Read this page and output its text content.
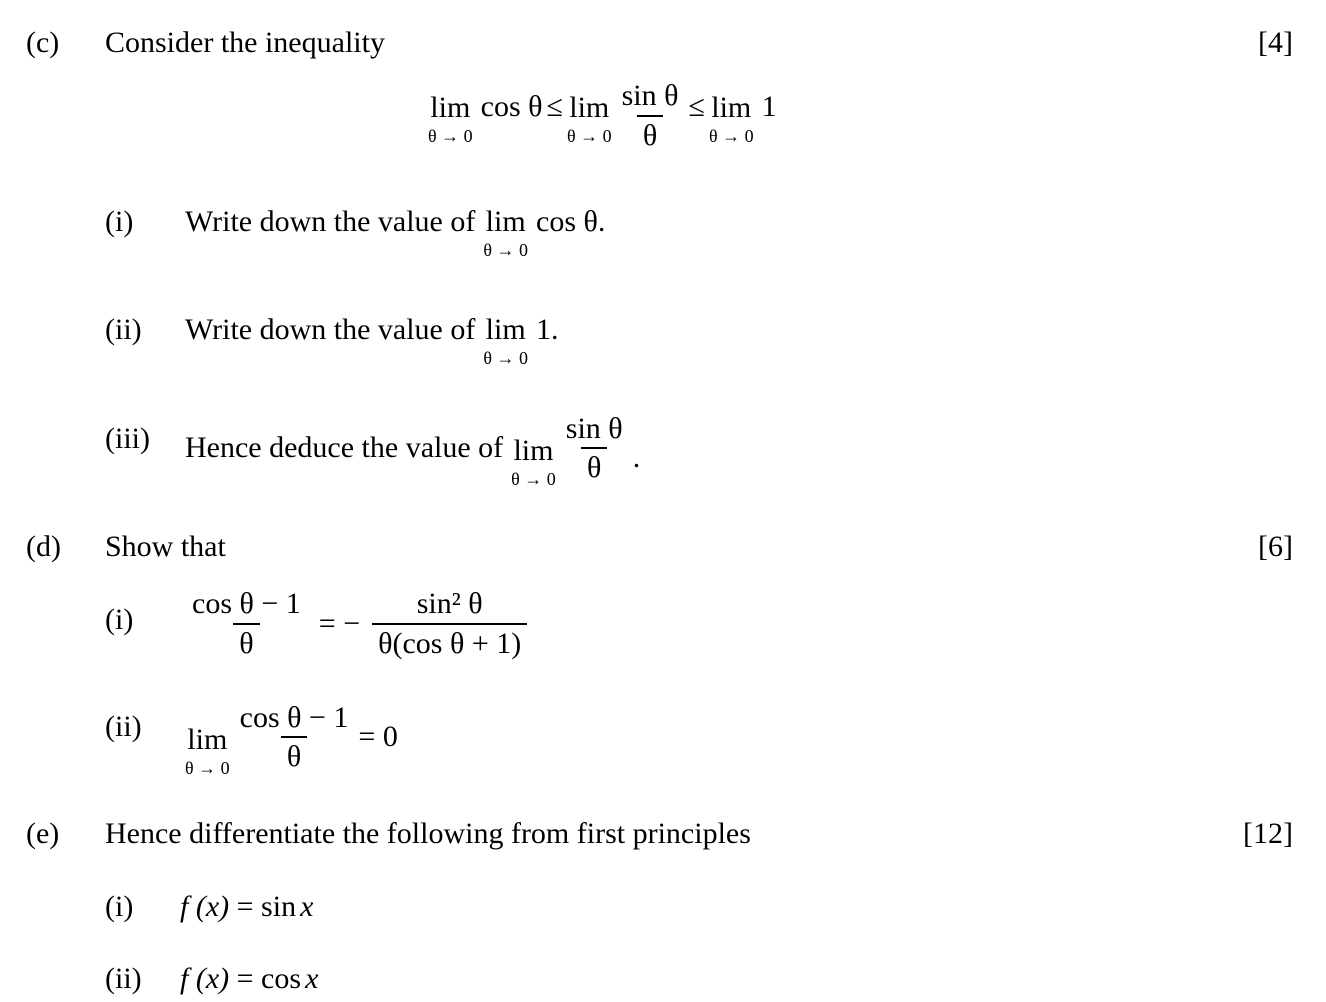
(c) Consider the inequality	[4]
lim
θ → 0
cos θ ≤ lim
$\theta \to 0 \frac{\text{sin θ}}{\theta} \le \lim$
θ → 0
1
(i) Write down the value of lim
θ → 0
cos θ.
(ii) Write down the value of lim
θ → 0
1.
(iii) Hence deduce the value of lim
$\theta \to 0 \frac{\text{sin θ}}{\theta}$ .
(d) Show that	[6]
$(i) \frac{\text{cos θ − 1}}{\theta}$ = − $\frac{\text{sin² θ}}{\text{θ(cos θ + 1)}}$
(ii) lim
$\theta \to 0 \frac{\text{cos θ − 1}}{\theta} = 0$
(e) Hence differentiate the following from first principles	[12]
(i) f (x) = sin x
(ii) f (x) = cos x
